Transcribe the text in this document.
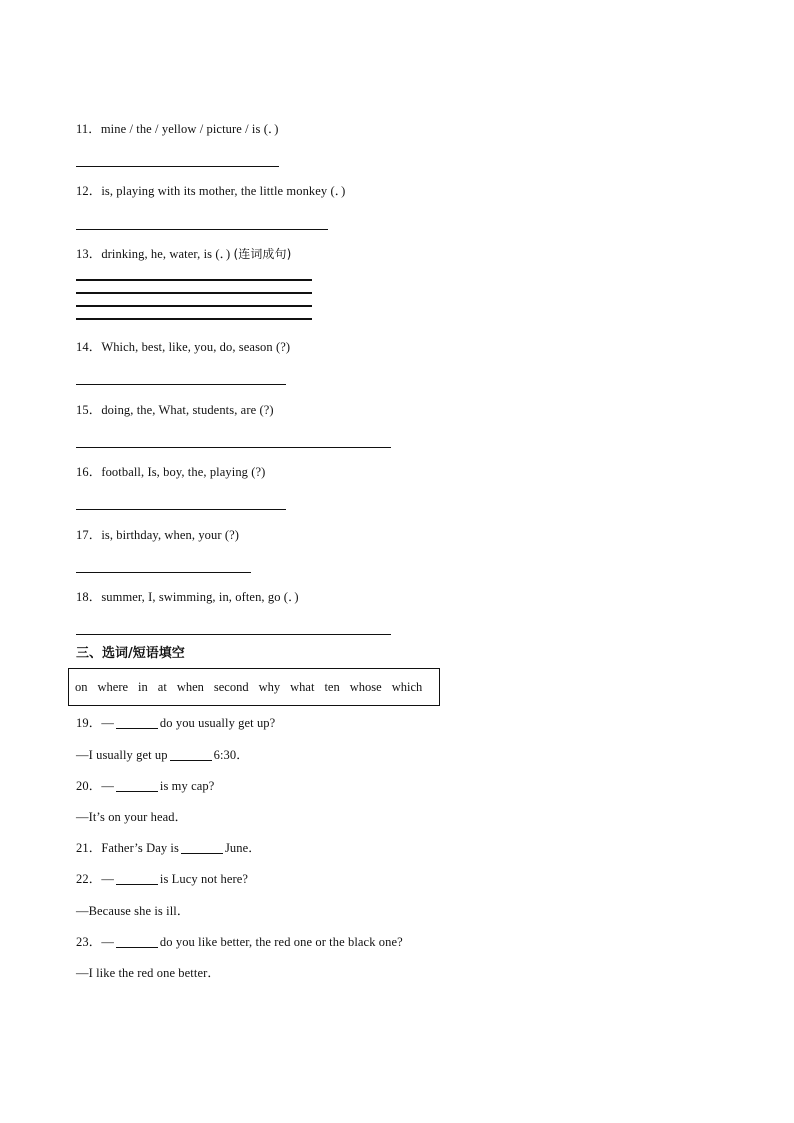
11．mine / the / yellow / picture / is (．)
12．is, playing with its mother, the little monkey (．)
13．drinking, he, water, is (．) (连词成句)
14．Which, best, like, you, do, season (?)
15．doing, the, What, students, are (?)
16．football, Is, boy, the, playing (?)
17．is, birthday, when, your (?)
18．summer, I, swimming, in, often, go (．)
三、选词/短语填空
on where in at when second why what ten whose which
19．—	do you usually get up?
—I usually get up	6:30．
20．—	is my cap?
—It’s on your head．
21．Father’s Day is	June．
22．—	is Lucy not here?
—Because she is ill．
23．—	do you like better, the red one or the black one?
—I like the red one better．
